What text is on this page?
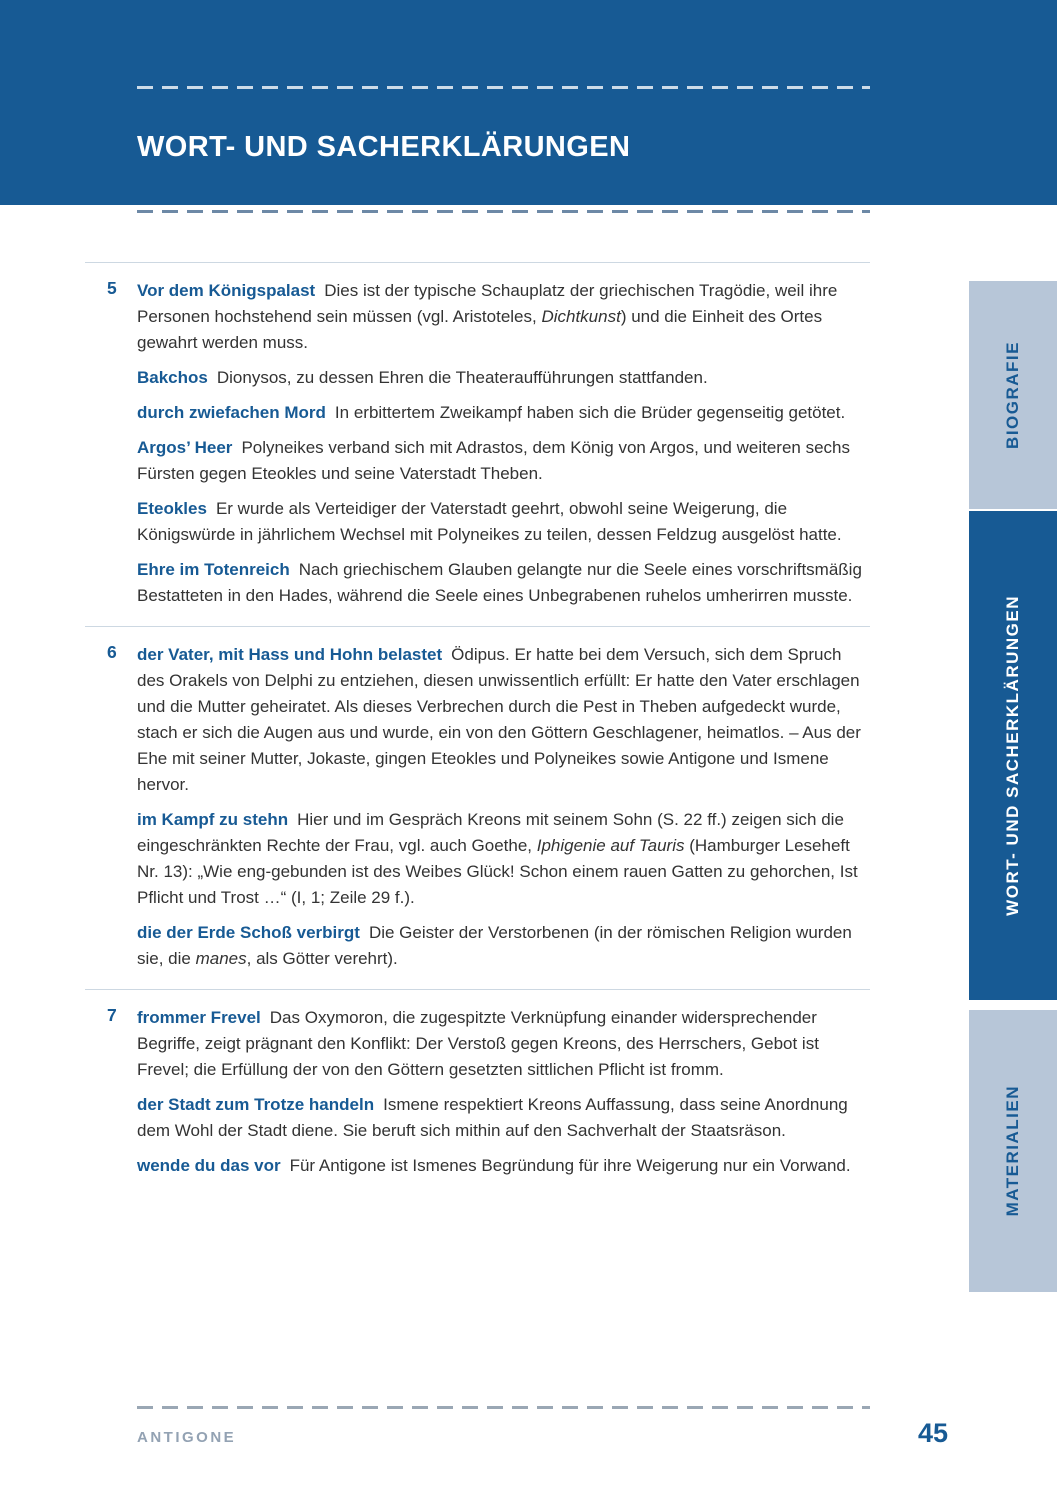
WORT- UND SACHERKLÄRUNGEN
5 Vor dem Königspalast Dies ist der typische Schauplatz der griechischen Tragödie, weil ihre Personen hochstehend sein müssen (vgl. Aristoteles, Dichtkunst) und die Einheit des Ortes gewahrt werden muss.

Bakchos Dionysos, zu dessen Ehren die Theateraufführungen stattfanden.

durch zwiefachen Mord In erbittertem Zweikampf haben sich die Brüder gegenseitig getötet.

Argos’ Heer Polyneikes verband sich mit Adrastos, dem König von Argos, und weiteren sechs Fürsten gegen Eteokles und seine Vaterstadt Theben.

Eteokles Er wurde als Verteidiger der Vaterstadt geehrt, obwohl seine Weigerung, die Königswürde in jährlichem Wechsel mit Polyneikes zu teilen, dessen Feldzug ausgelöst hatte.

Ehre im Totenreich Nach griechischem Glauben gelangte nur die Seele eines vorschriftsmäßig Bestatteten in den Hades, während die Seele eines Unbegrabenen ruhelos umherirren musste.

6 der Vater, mit Hass und Hohn belastet Ödipus. Er hatte bei dem Versuch, sich dem Spruch des Orakels von Delphi zu entziehen, diesen unwissentlich erfüllt: Er hatte den Vater erschlagen und die Mutter geheiratet. Als dieses Verbrechen durch die Pest in Theben aufgedeckt wurde, stach er sich die Augen aus und wurde, ein von den Göttern Geschlagener, heimatlos. – Aus der Ehe mit seiner Mutter, Jokaste, gingen Eteokles und Polyneikes sowie Antigone und Ismene hervor.

im Kampf zu stehn Hier und im Gespräch Kreons mit seinem Sohn (S. 22 ff.) zeigen sich die eingeschränkten Rechte der Frau, vgl. auch Goethe, Iphigenie auf Tauris (Hamburger Leseheft Nr. 13): „Wie eng-gebunden ist des Weibes Glück! Schon einem rauen Gatten zu gehorchen, Ist Pflicht und Trost …“ (I, 1; Zeile 29 f.).

die der Erde Schoß verbirgt Die Geister der Verstorbenen (in der römischen Religion wurden sie, die manes, als Götter verehrt).

7 frommer Frevel Das Oxymoron, die zugespitzte Verknüpfung einander widersprechender Begriffe, zeigt prägnant den Konflikt: Der Verstoß gegen Kreons, des Herrschers, Gebot ist Frevel; die Erfüllung der von den Göttern gesetzten sittlichen Pflicht ist fromm.

der Stadt zum Trotze handeln Ismene respektiert Kreons Auffassung, dass seine Anordnung dem Wohl der Stadt diene. Sie beruft sich mithin auf den Sachverhalt der Staatsräson.

wende du das vor Für Antigone ist Ismenes Begründung für ihre Weigerung nur ein Vorwand.

BIOGRAFIE
WORT- UND SACHERKLÄRUNGEN
MATERIALIEN
ANTIGONE	45
